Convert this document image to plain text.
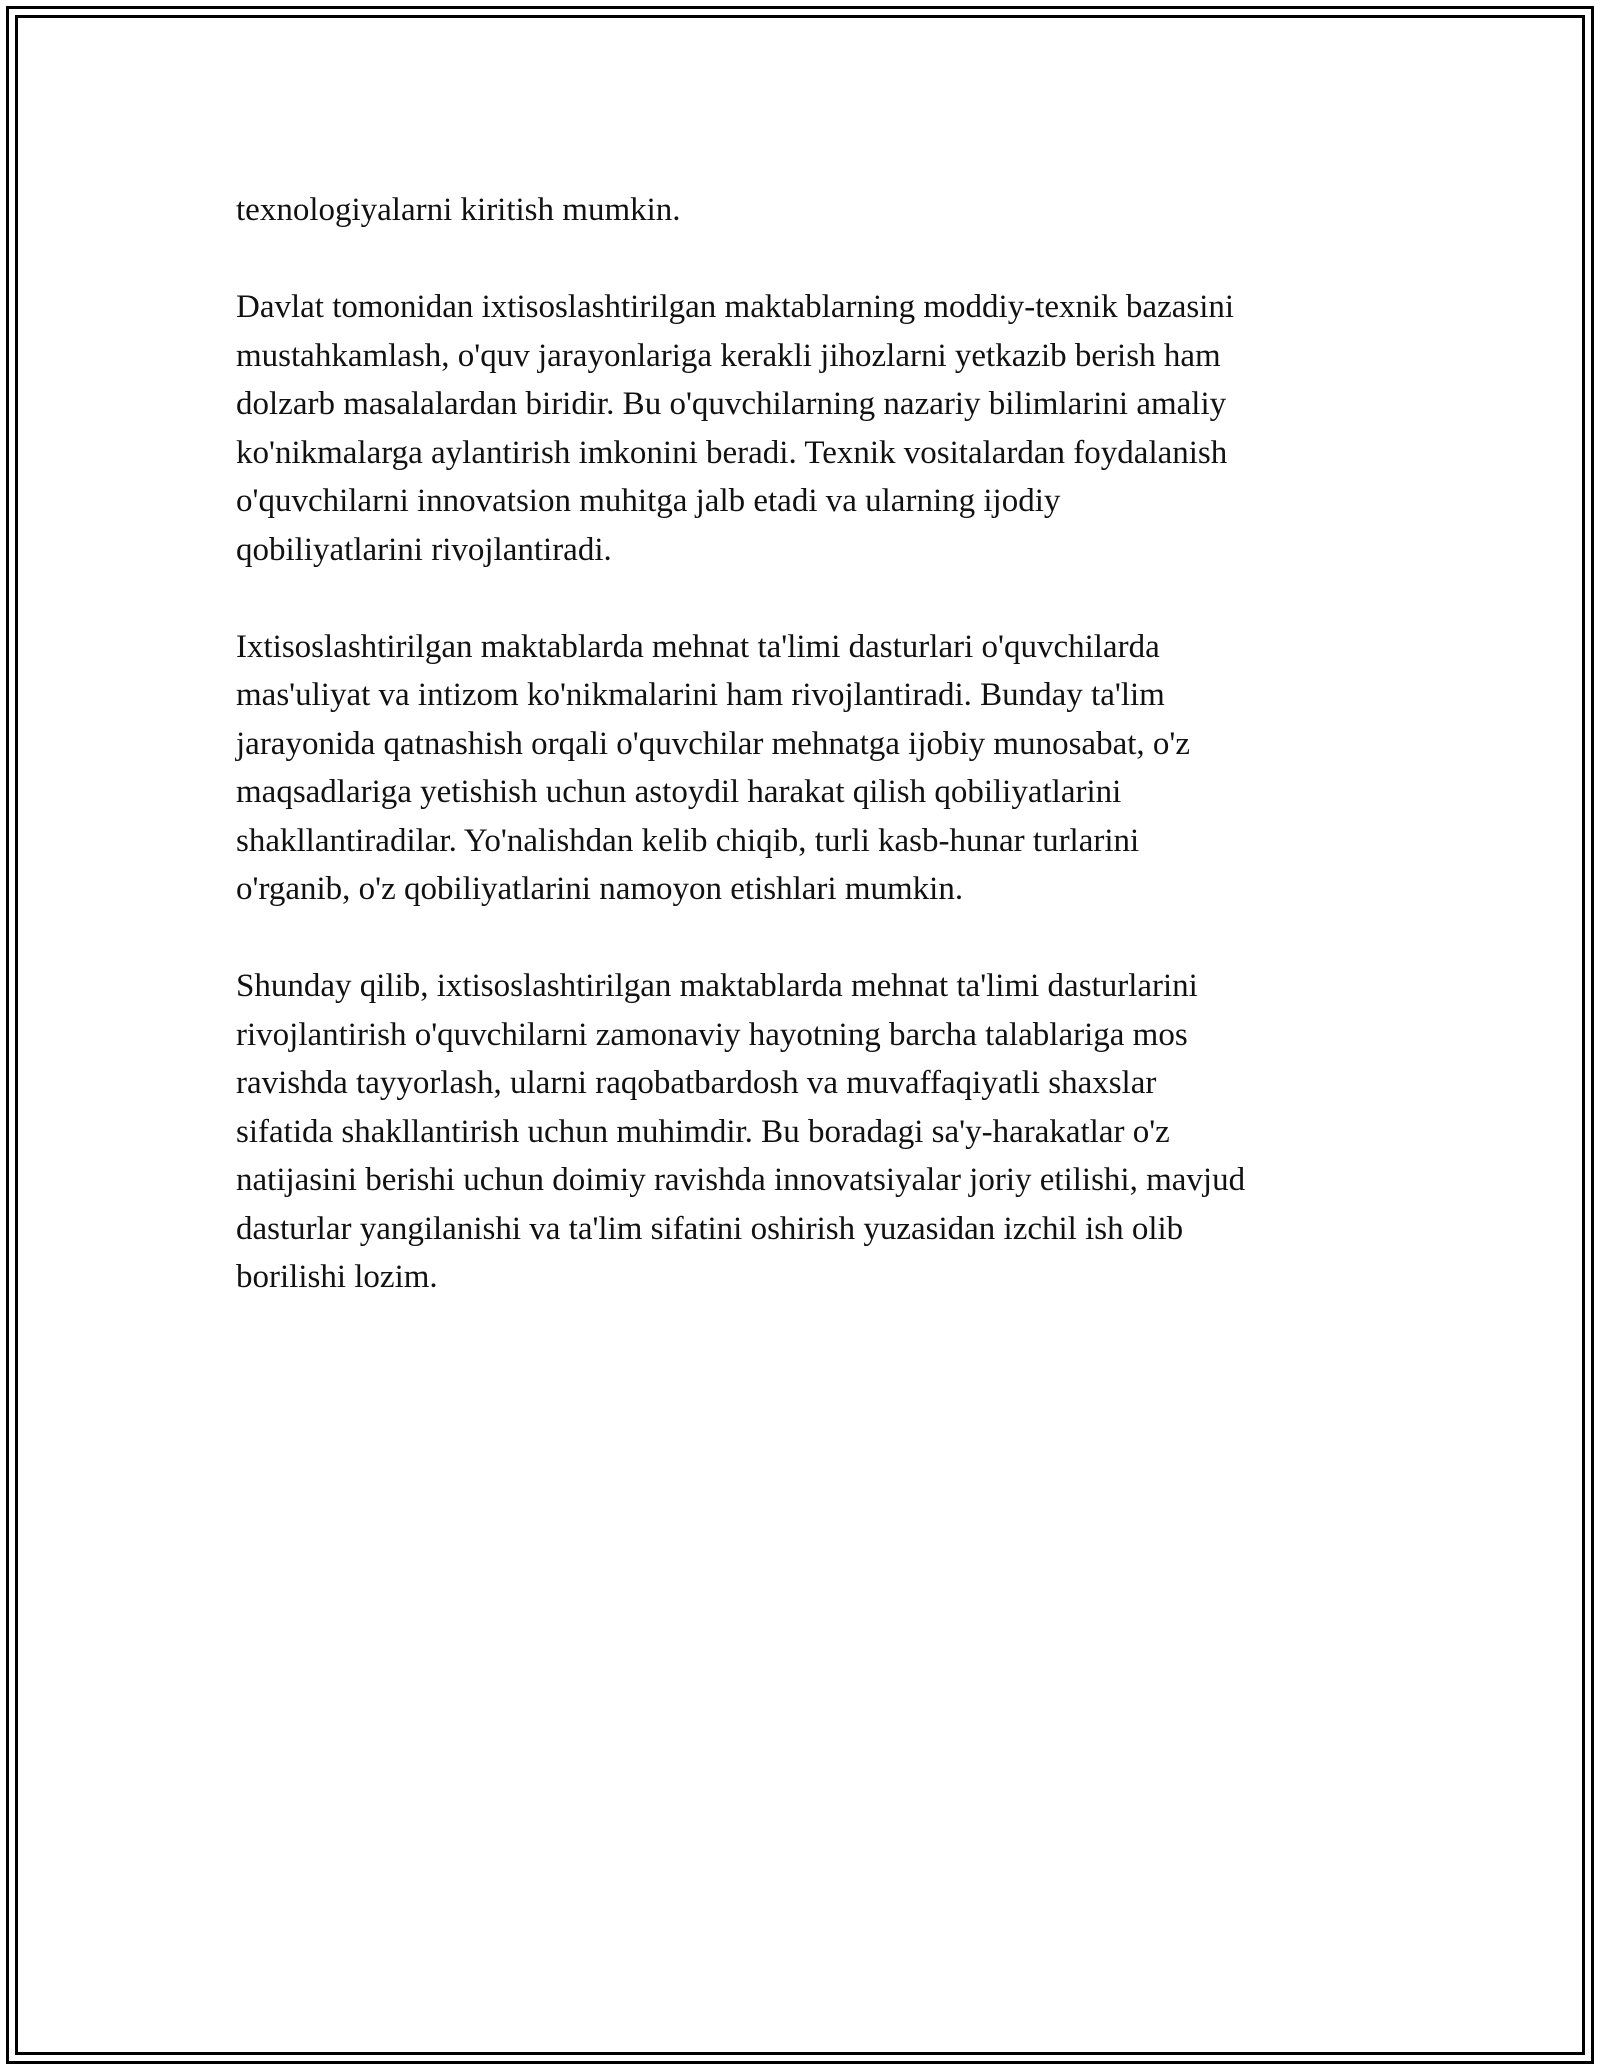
texnologiyalarni kiritish mumkin.

Davlat tomonidan ixtisoslashtirilgan maktablarning moddiy-texnik bazasini
mustahkamlash, o'quv jarayonlariga kerakli jihozlarni yetkazib berish ham
dolzarb masalalardan biridir. Bu o'quvchilarning nazariy bilimlarini amaliy
ko'nikmalarga aylantirish imkonini beradi. Texnik vositalardan foydalanish
o'quvchilarni innovatsion muhitga jalb etadi va ularning ijodiy
qobiliyatlarini rivojlantiradi.

Ixtisoslashtirilgan maktablarda mehnat ta'limi dasturlari o'quvchilarda
mas'uliyat va intizom ko'nikmalarini ham rivojlantiradi. Bunday ta'lim
jarayonida qatnashish orqali o'quvchilar mehnatga ijobiy munosabat, o'z
maqsadlariga yetishish uchun astoydil harakat qilish qobiliyatlarini
shakllantiradilar. Yo'nalishdan kelib chiqib, turli kasb-hunar turlarini
o'rganib, o'z qobiliyatlarini namoyon etishlari mumkin.

Shunday qilib, ixtisoslashtirilgan maktablarda mehnat ta'limi dasturlarini
rivojlantirish o'quvchilarni zamonaviy hayotning barcha talablariga mos
ravishda tayyorlash, ularni raqobatbardosh va muvaffaqiyatli shaxslar
sifatida shakllantirish uchun muhimdir. Bu boradagi sa'y-harakatlar o'z
natijasini berishi uchun doimiy ravishda innovatsiyalar joriy etilishi, mavjud
dasturlar yangilanishi va ta'lim sifatini oshirish yuzasidan izchil ish olib
borilishi lozim.
